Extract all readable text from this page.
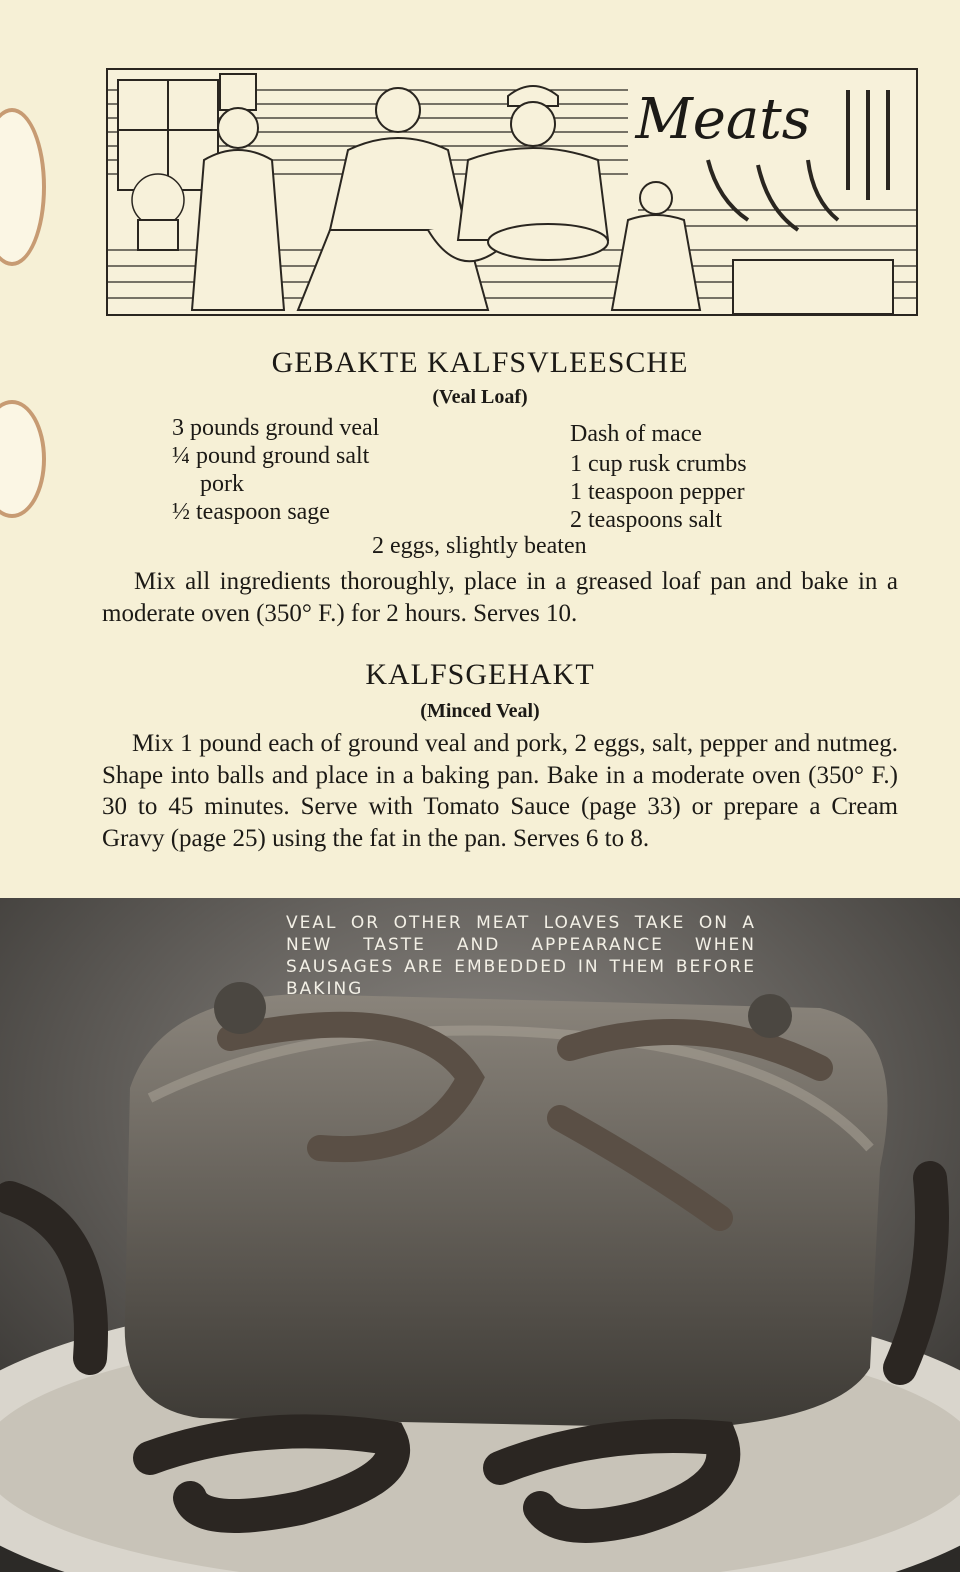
Meats
GEBAKTE KALFSVLEESCHE
(Veal Loaf)
3 pounds ground veal
¼ pound ground salt
pork
½ teaspoon sage
Dash of mace
1 cup rusk crumbs
1 teaspoon pepper
2 teaspoons salt
2 eggs, slightly beaten

Mix all ingredients thoroughly, place in a greased loaf pan and bake in a moderate oven (350° F.) for 2 hours. Serves 10.

KALFSGEHAKT
(Minced Veal)

Mix 1 pound each of ground veal and pork, 2 eggs, salt, pepper and nutmeg. Shape into balls and place in a baking pan. Bake in a moderate oven (350° F.) 30 to 45 minutes. Serve with Tomato Sauce (page 33) or prepare a Cream Gravy (page 25) using the fat in the pan. Serves 6 to 8.

VEAL OR OTHER MEAT LOAVES TAKE ON A NEW TASTE AND APPEARANCE WHEN SAUSAGES ARE EMBEDDED IN THEM BEFORE BAKING
